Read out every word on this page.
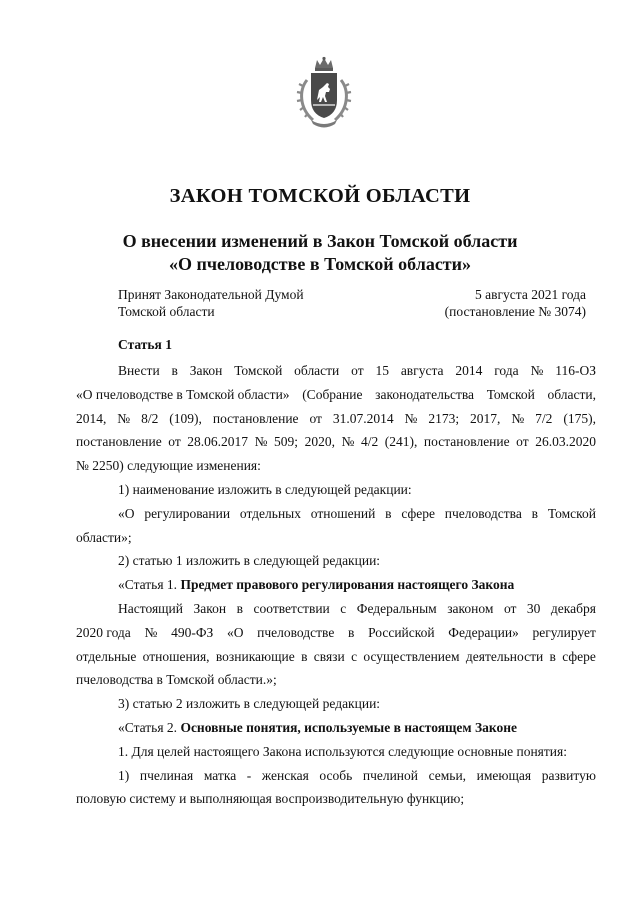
ЗАКОН ТОМСКОЙ ОБЛАСТИ
О внесении изменений в Закон Томской области
«О пчеловодстве в Томской области»
Принят Законодательной Думой
Томской области
5 августа 2021 года
(постановление № 3074)
Статья 1
Внести в Закон Томской области от 15 августа 2014 года № 116-ОЗ
«О пчеловодстве в Томской области» (Собрание законодательства Томской области,
2014, № 8/2 (109), постановление от 31.07.2014 № 2173; 2017, № 7/2 (175),
постановление от 28.06.2017 № 509; 2020, № 4/2 (241), постановление от 26.03.2020
№ 2250) следующие изменения:
1) наименование изложить в следующей редакции:
«О регулировании отдельных отношений в сфере пчеловодства в Томской
области»;
2) статью 1 изложить в следующей редакции:
«Статья 1. Предмет правового регулирования настоящего Закона
Настоящий Закон в соответствии с Федеральным законом от 30 декабря
2020 года № 490-ФЗ «О пчеловодстве в Российской Федерации» регулирует
отдельные отношения, возникающие в связи с осуществлением деятельности в сфере
пчеловодства в Томской области.»;
3) статью 2 изложить в следующей редакции:
«Статья 2. Основные понятия, используемые в настоящем Законе
1. Для целей настоящего Закона используются следующие основные понятия:
1) пчелиная матка - женская особь пчелиной семьи, имеющая развитую
половую систему и выполняющая воспроизводительную функцию;
